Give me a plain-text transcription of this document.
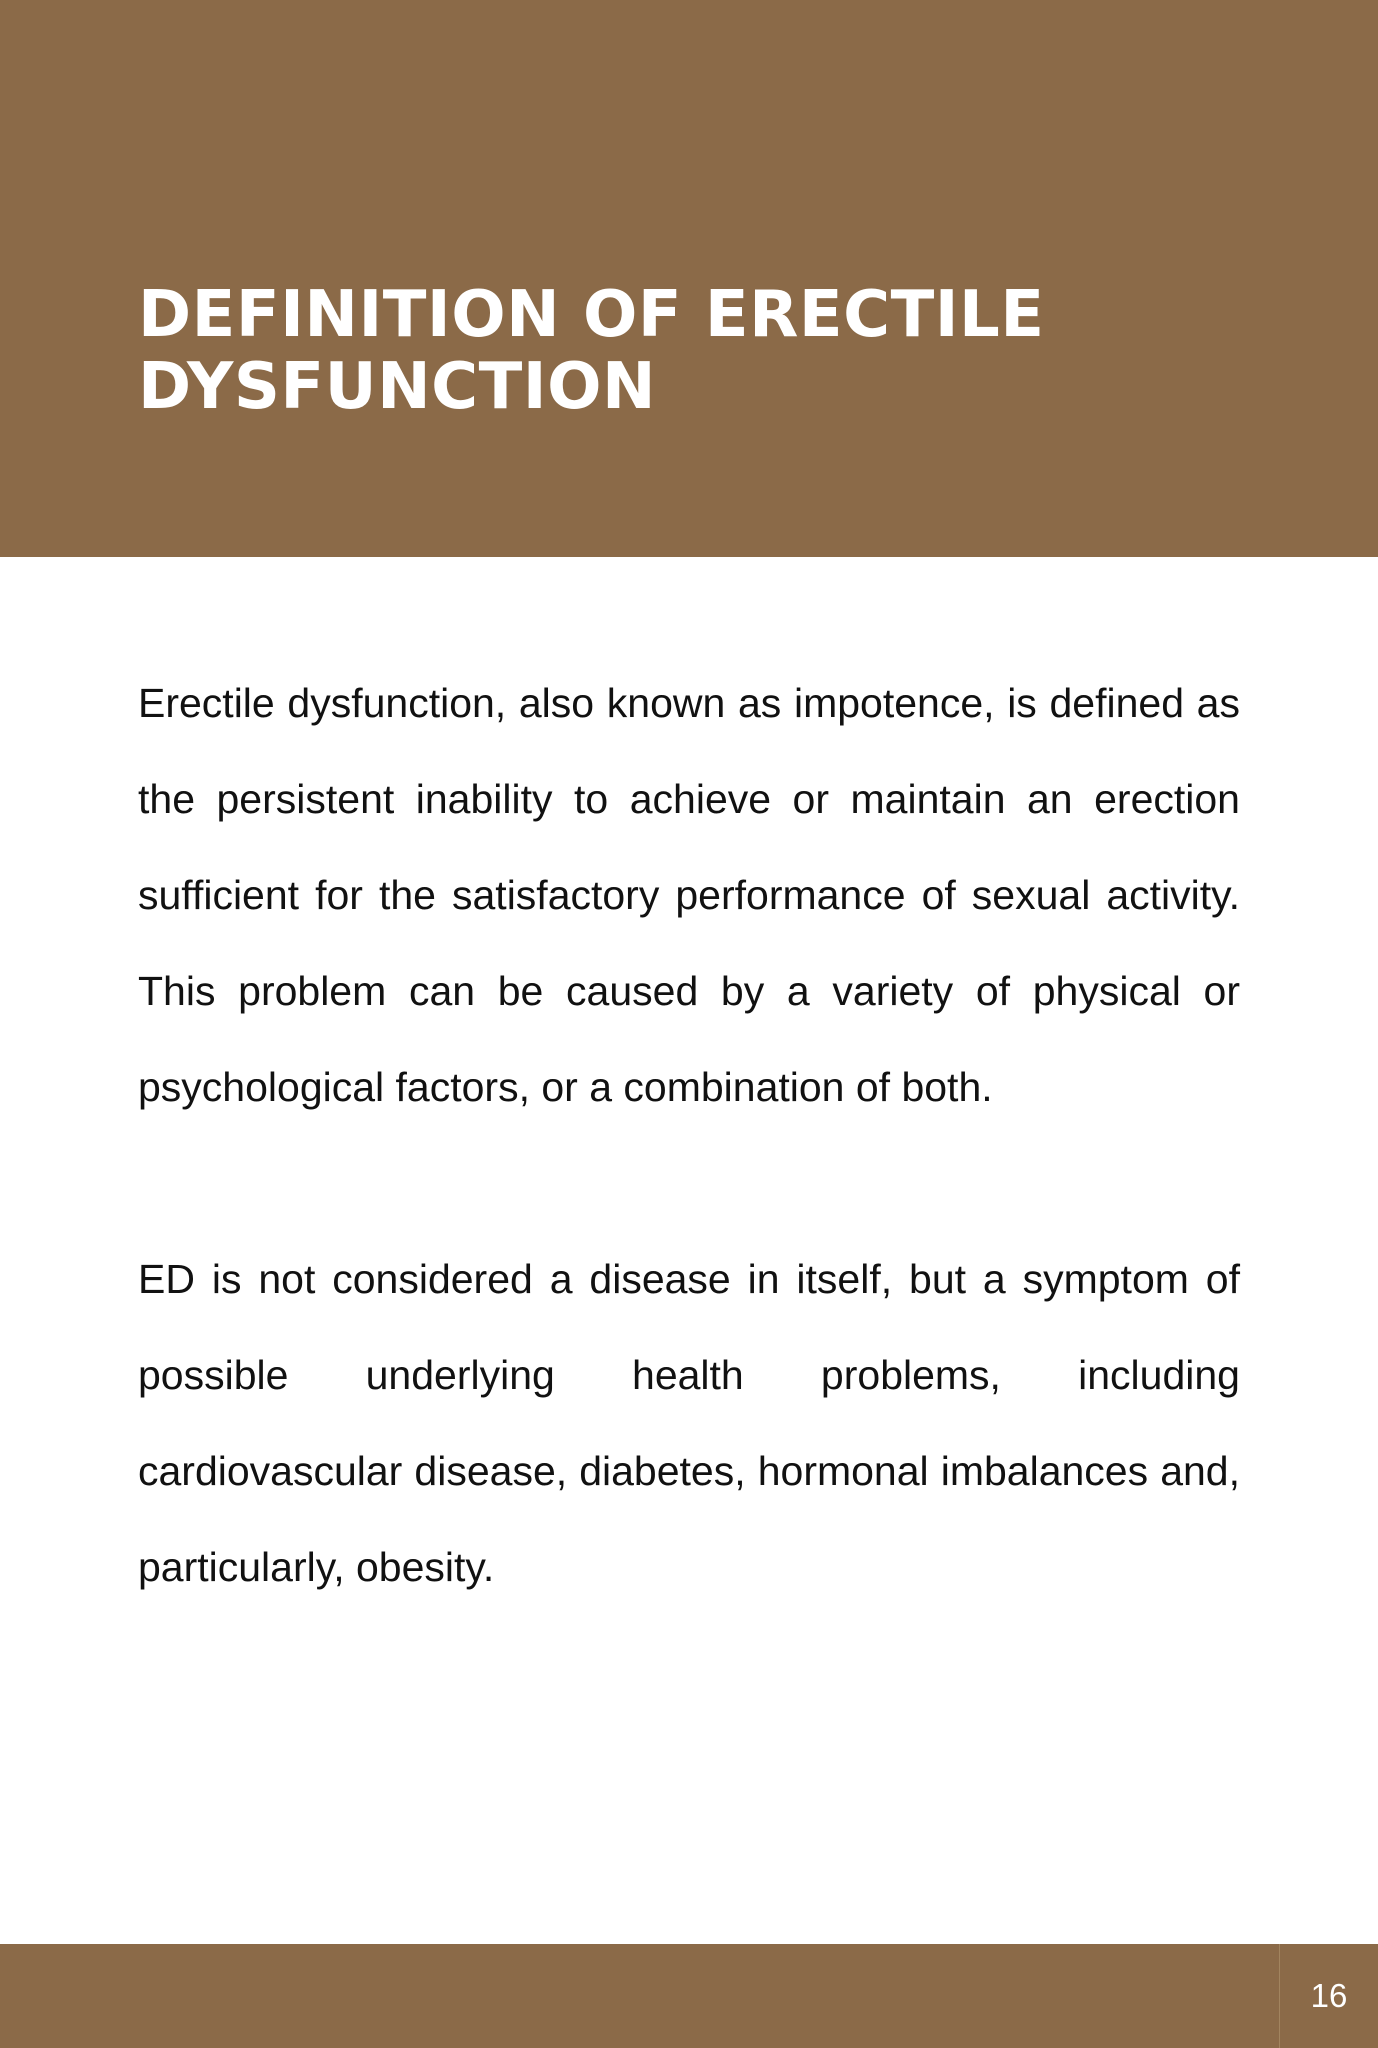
DEFINITION OF ERECTILE DYSFUNCTION

Erectile dysfunction, also known as impotence, is defined as the persistent inability to achieve or maintain an erection sufficient for the satisfactory performance of sexual activity. This problem can be caused by a variety of physical or psychological factors, or a combination of both.

ED is not considered a disease in itself, but a symptom of possible underlying health problems, including cardiovascular disease, diabetes, hormonal imbalances and, particularly, obesity.

16
